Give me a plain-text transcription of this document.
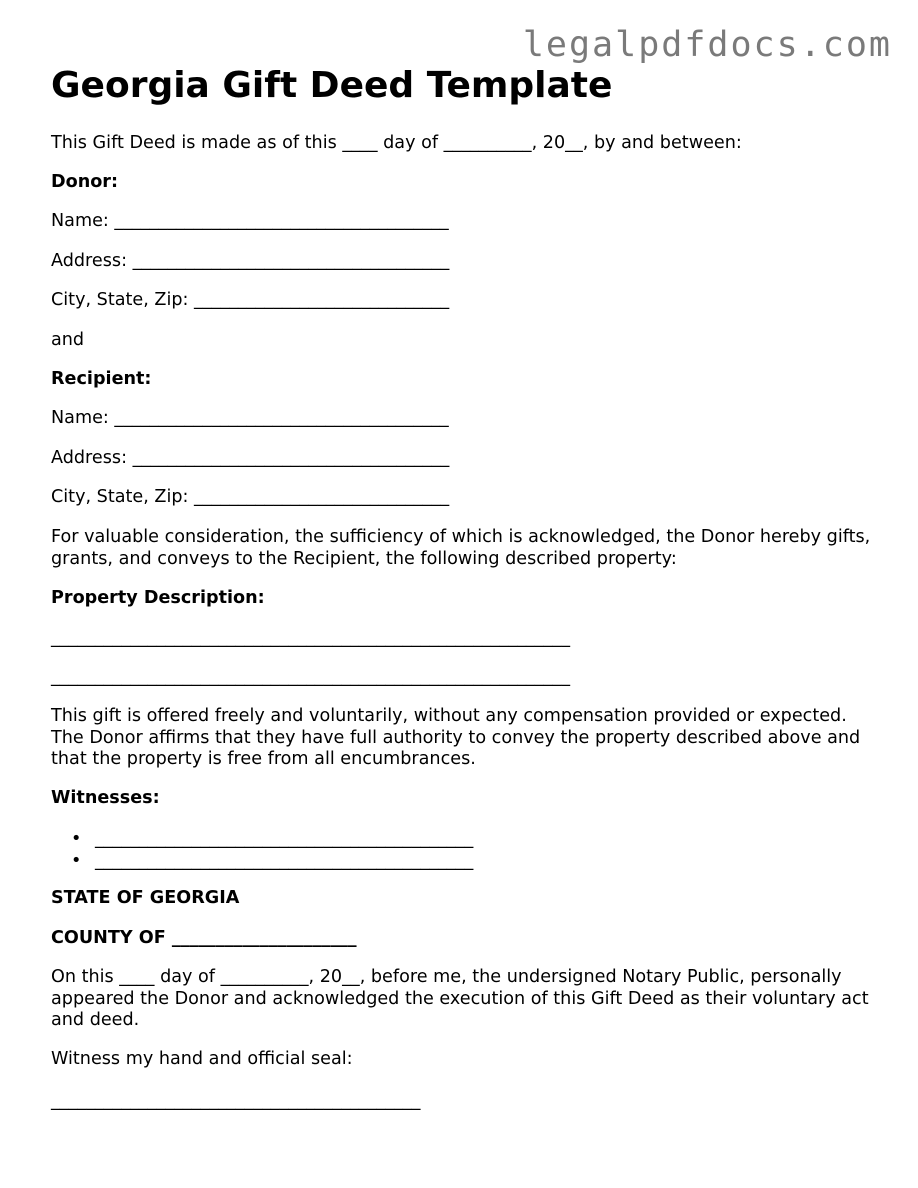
legalpdfdocs.com
Georgia Gift Deed Template

This Gift Deed is made as of this ____ day of __________, 20__, by and between:

Donor:

Name: ______________________________________

Address: ____________________________________

City, State, Zip: _____________________________

and

Recipient:

Name: ______________________________________

Address: ____________________________________

City, State, Zip: _____________________________

For valuable consideration, the sufficiency of which is acknowledged, the Donor hereby gifts, grants, and conveys to the Recipient, the following described property:

Property Description:

___________________________________________________________

___________________________________________________________

This gift is offered freely and voluntarily, without any compensation provided or expected. The Donor affirms that they have full authority to convey the property described above and that the property is free from all encumbrances.

Witnesses:

• ___________________________________________
• ___________________________________________

STATE OF GEORGIA

COUNTY OF _____________________

On this ____ day of __________, 20__, before me, the undersigned Notary Public, personally appeared the Donor and acknowledged the execution of this Gift Deed as their voluntary act and deed.

Witness my hand and official seal:

__________________________________________
